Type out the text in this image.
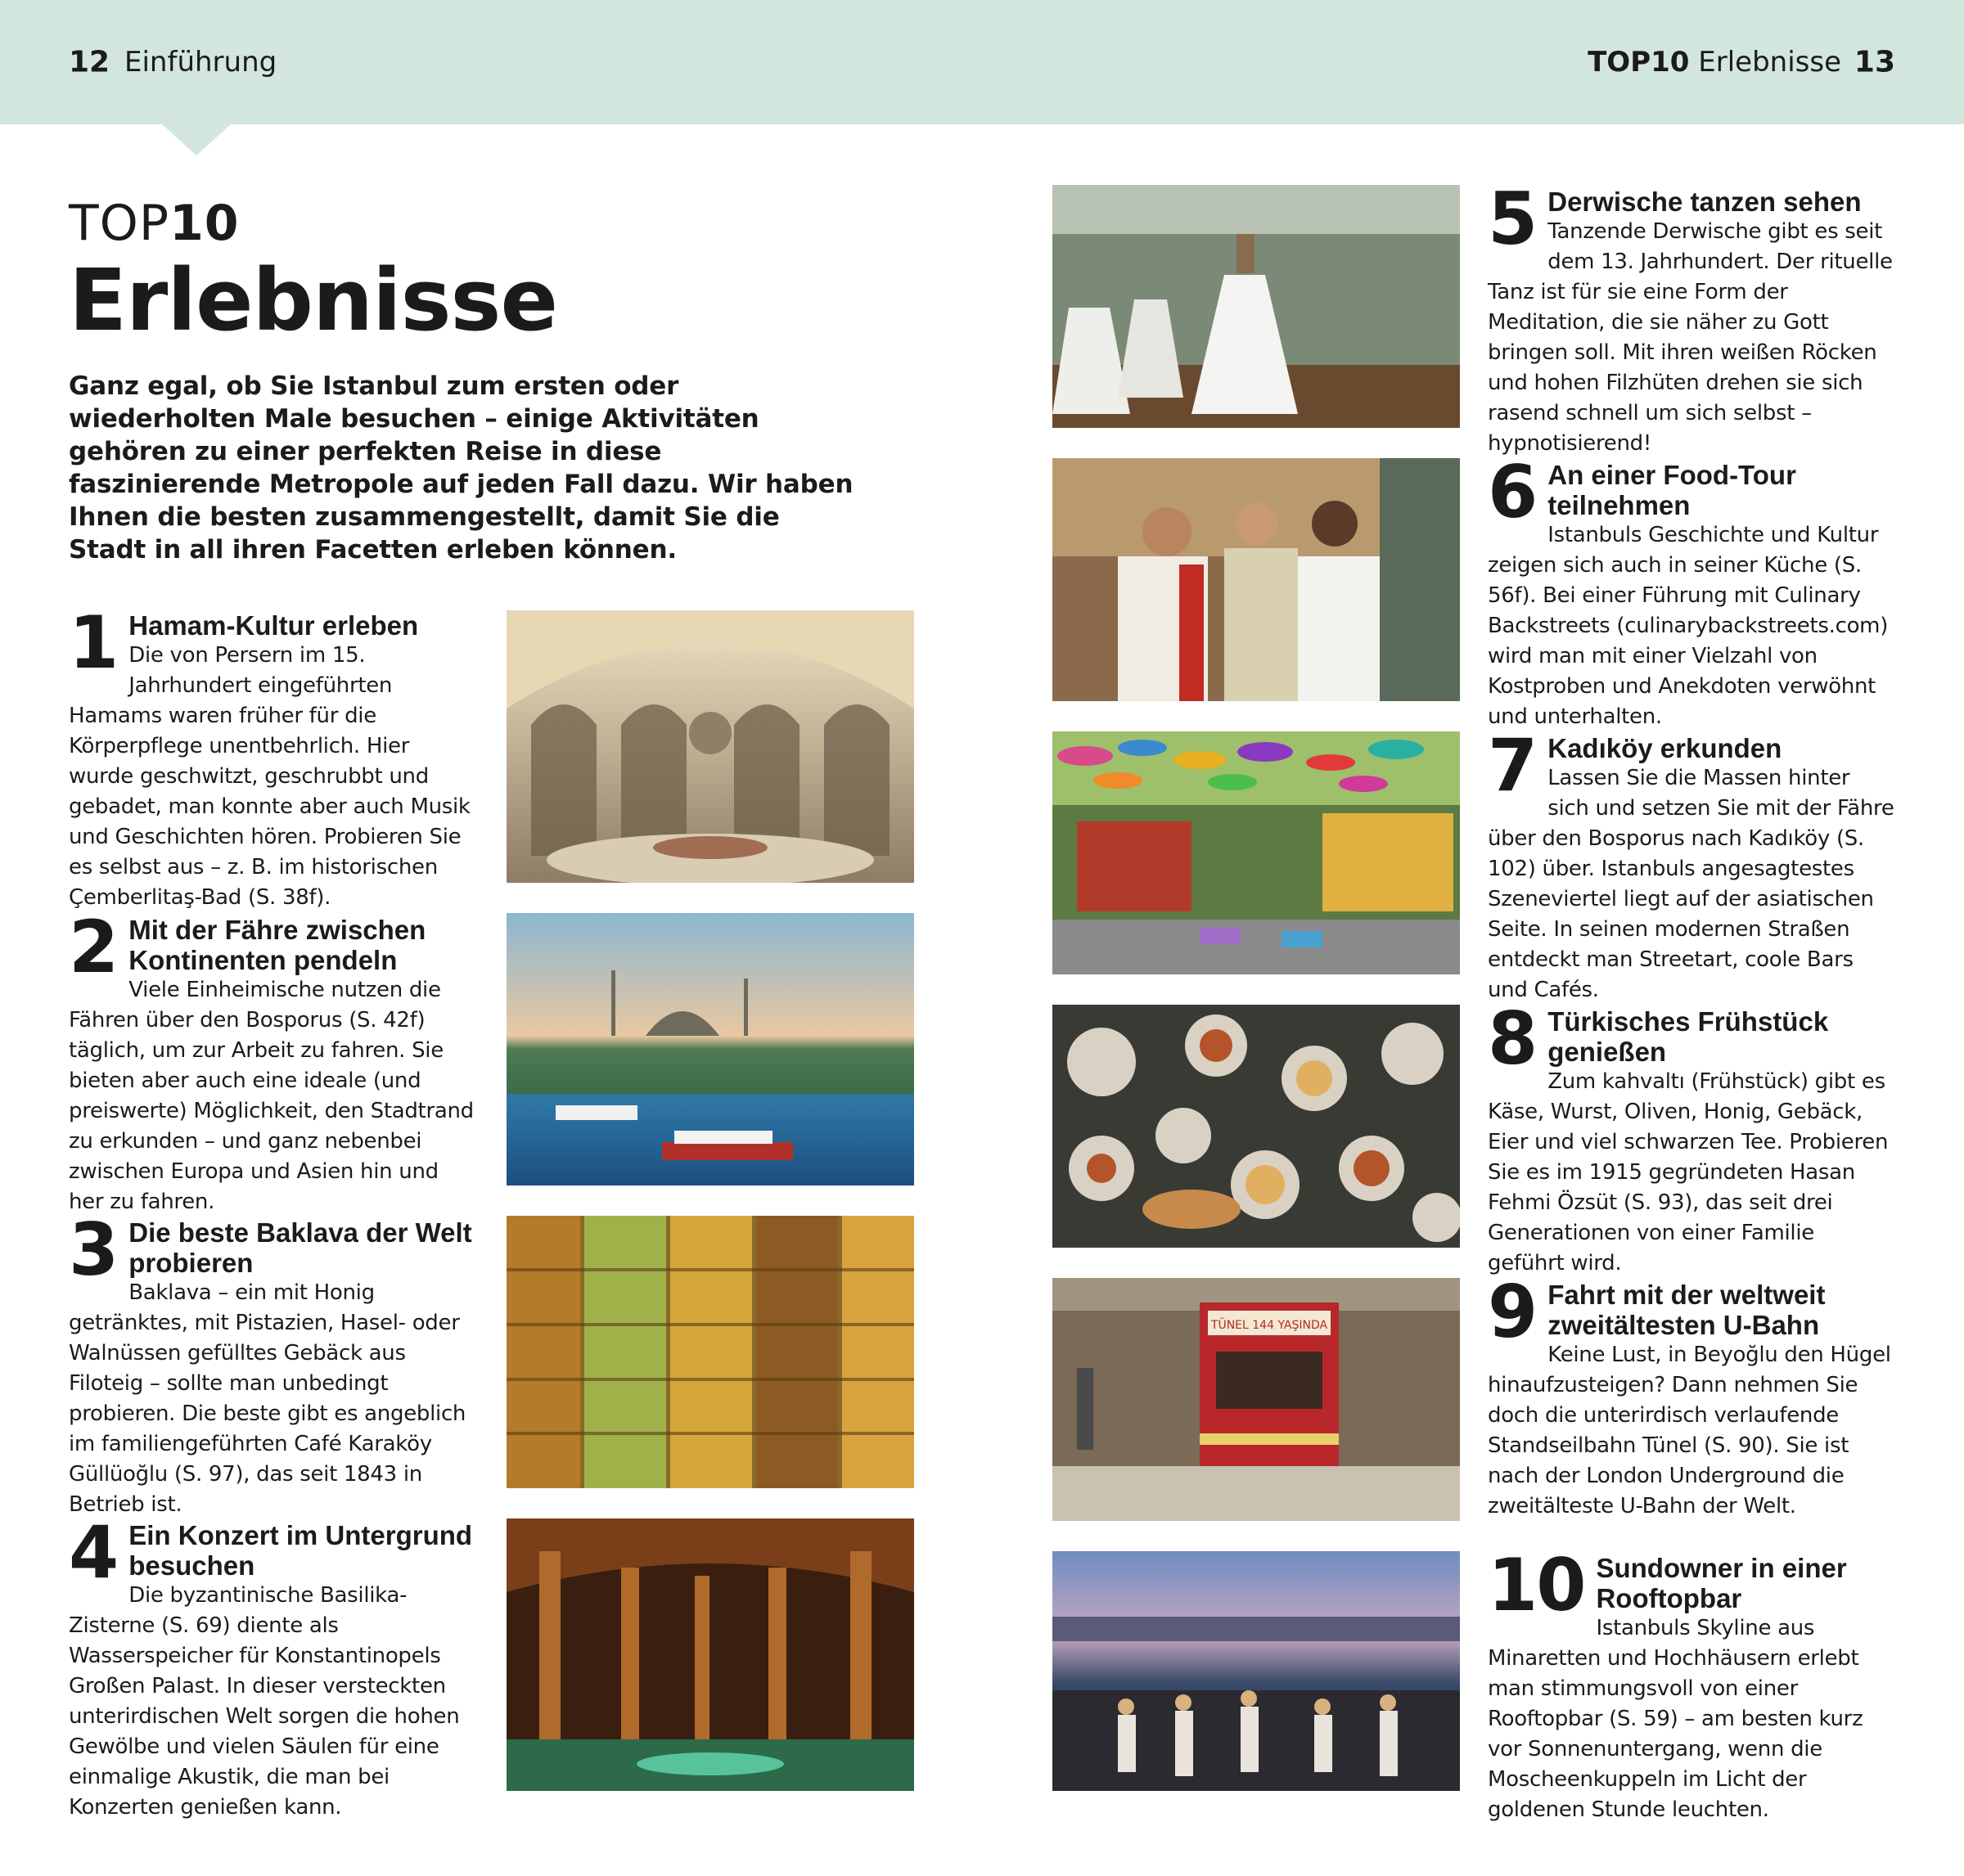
12 Einführung	TOP10 Erlebnisse 13
TOP10
Erlebnisse
Ganz egal, ob Sie Istanbul zum ersten oder wiederholten Male besuchen – einige Aktivitäten gehören zu einer perfekten Reise in diese faszinierende Metropole auf jeden Fall dazu. Wir haben Ihnen die besten zusammengestellt, damit Sie die Stadt in all ihren Facetten erleben können.
1 Hamam-Kultur erleben
Die von Persern im 15. Jahrhundert eingeführten Hamams waren früher für die Körperpflege unentbehrlich. Hier wurde geschwitzt, geschrubbt und gebadet, man konnte aber auch Musik und Geschichten hören. Probieren Sie es selbst aus – z. B. im historischen Çemberlitaş-Bad (S. 38f).
2 Mit der Fähre zwischen Kontinenten pendeln
Viele Einheimische nutzen die Fähren über den Bosporus (S. 42f) täglich, um zur Arbeit zu fahren. Sie bieten aber auch eine ideale (und preiswerte) Möglichkeit, den Stadtrand zu erkunden – und ganz nebenbei zwischen Europa und Asien hin und her zu fahren.
3 Die beste Baklava der Welt probieren
Baklava – ein mit Honig getränktes, mit Pistazien, Hasel- oder Walnüssen gefülltes Gebäck aus Filoteig – sollte man unbedingt probieren. Die beste gibt es angeblich im familiengeführten Café Karaköy Güllüoğlu (S. 97), das seit 1843 in Betrieb ist.
4 Ein Konzert im Untergrund besuchen
Die byzantinische Basilika-Zisterne (S. 69) diente als Wasserspeicher für Konstantinopels Großen Palast. In dieser versteckten unterirdischen Welt sorgen die hohen Gewölbe und vielen Säulen für eine einmalige Akustik, die man bei Konzerten genießen kann.
5 Derwische tanzen sehen
Tanzende Derwische gibt es seit dem 13. Jahrhundert. Der rituelle Tanz ist für sie eine Form der Meditation, die sie näher zu Gott bringen soll. Mit ihren weißen Röcken und hohen Filzhüten drehen sie sich rasend schnell um sich selbst – hypnotisierend!
6 An einer Food-Tour teilnehmen
Istanbuls Geschichte und Kultur zeigen sich auch in seiner Küche (S. 56f). Bei einer Führung mit Culinary Backstreets (culinarybackstreets.com) wird man mit einer Vielzahl von Kostproben und Anekdoten verwöhnt und unterhalten.
7 Kadıköy erkunden
Lassen Sie die Massen hinter sich und setzen Sie mit der Fähre über den Bosporus nach Kadıköy (S. 102) über. Istanbuls angesagtestes Szeneviertel liegt auf der asiatischen Seite. In seinen modernen Straßen entdeckt man Streetart, coole Bars und Cafés.
8 Türkisches Frühstück genießen
Zum kahvaltı (Frühstück) gibt es Käse, Wurst, Oliven, Honig, Gebäck, Eier und viel schwarzen Tee. Probieren Sie es im 1915 gegründeten Hasan Fehmi Özsüt (S. 93), das seit drei Generationen von einer Familie geführt wird.
9 Fahrt mit der weltweit zweitältesten U-Bahn
Keine Lust, in Beyoğlu den Hügel hinaufzusteigen? Dann nehmen Sie doch die unterirdisch verlaufende Standseilbahn Tünel (S. 90). Sie ist nach der London Underground die zweitälteste U-Bahn der Welt.
10 Sundowner in einer Rooftopbar
Istanbuls Skyline aus Minaretten und Hochhäusern erlebt man stimmungsvoll von einer Rooftopbar (S. 59) – am besten kurz vor Sonnenuntergang, wenn die Moscheenkuppeln im Licht der goldenen Stunde leuchten.
TÜNEL 144 YAŞINDA
